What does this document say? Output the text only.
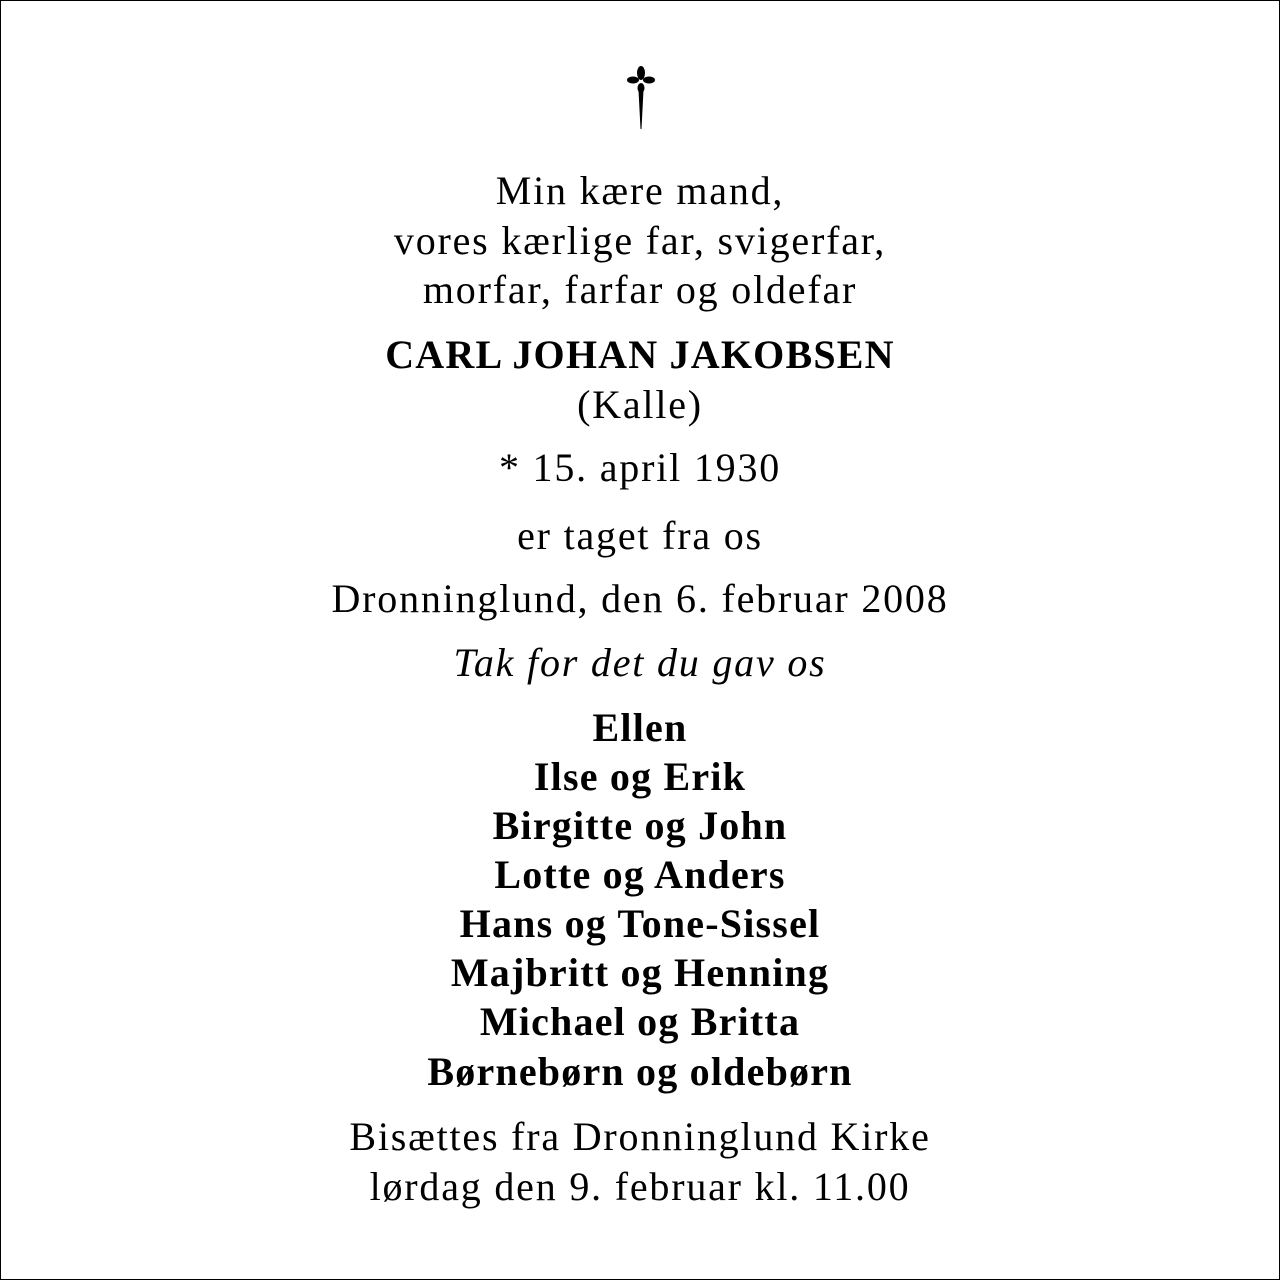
Min kære mand,
vores kærlige far, svigerfar,
morfar, farfar og oldefar
CARL JOHAN JAKOBSEN
(Kalle)
* 15. april 1930
er taget fra os
Dronninglund, den 6. februar 2008
Tak for det du gav os
Ellen
Ilse og Erik
Birgitte og John
Lotte og Anders
Hans og Tone-Sissel
Majbritt og Henning
Michael og Britta
Børnebørn og oldebørn
Bisættes fra Dronninglund Kirke
lørdag den 9. februar kl. 11.00
